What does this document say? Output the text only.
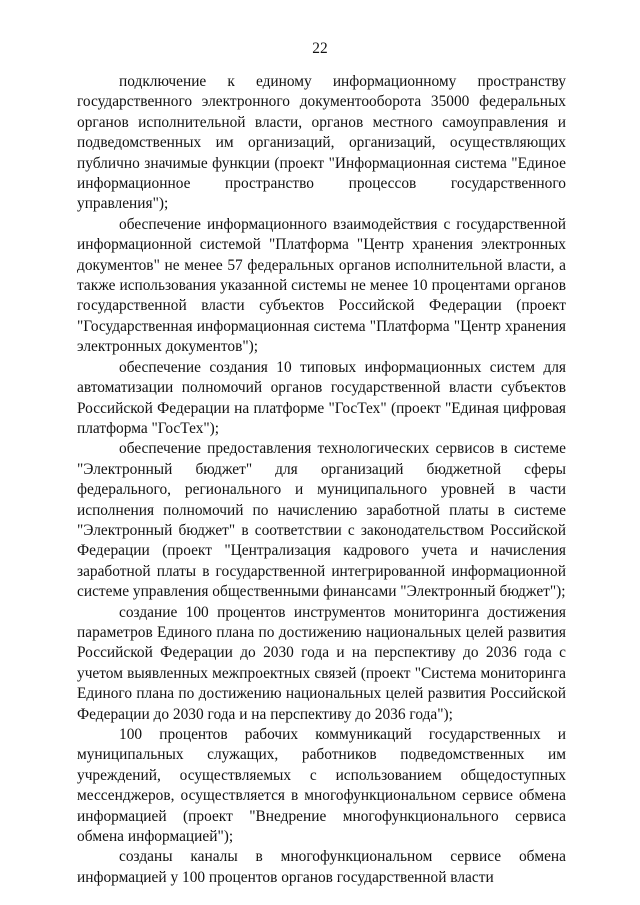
22

подключение к единому информационному пространству государственного электронного документооборота 35000 федеральных органов исполнительной власти, органов местного самоуправления и подведомственных им организаций, организаций, осуществляющих публично значимые функции (проект "Информационная система "Единое информационное пространство процессов государственного управления");

обеспечение информационного взаимодействия с государственной информационной системой "Платформа "Центр хранения электронных документов" не менее 57 федеральных органов исполнительной власти, а также использования указанной системы не менее 10 процентами органов государственной власти субъектов Российской Федерации (проект "Государственная информационная система "Платформа "Центр хранения электронных документов");

обеспечение создания 10 типовых информационных систем для автоматизации полномочий органов государственной власти субъектов Российской Федерации на платформе "ГосТех" (проект "Единая цифровая платформа "ГосТех");

обеспечение предоставления технологических сервисов в системе "Электронный бюджет" для организаций бюджетной сферы федерального, регионального и муниципального уровней в части исполнения полномочий по начислению заработной платы в системе "Электронный бюджет" в соответствии с законодательством Российской Федерации (проект "Централизация кадрового учета и начисления заработной платы в государственной интегрированной информационной системе управления общественными финансами "Электронный бюджет");

создание 100 процентов инструментов мониторинга достижения параметров Единого плана по достижению национальных целей развития Российской Федерации до 2030 года и на перспективу до 2036 года с учетом выявленных межпроектных связей (проект "Система мониторинга Единого плана по достижению национальных целей развития Российской Федерации до 2030 года и на перспективу до 2036 года");

100 процентов рабочих коммуникаций государственных и муниципальных служащих, работников подведомственных им учреждений, осуществляемых с использованием общедоступных мессенджеров, осуществляется в многофункциональном сервисе обмена информацией (проект "Внедрение многофункционального сервиса обмена информацией");

созданы каналы в многофункциональном сервисе обмена информацией у 100 процентов органов государственной власти
